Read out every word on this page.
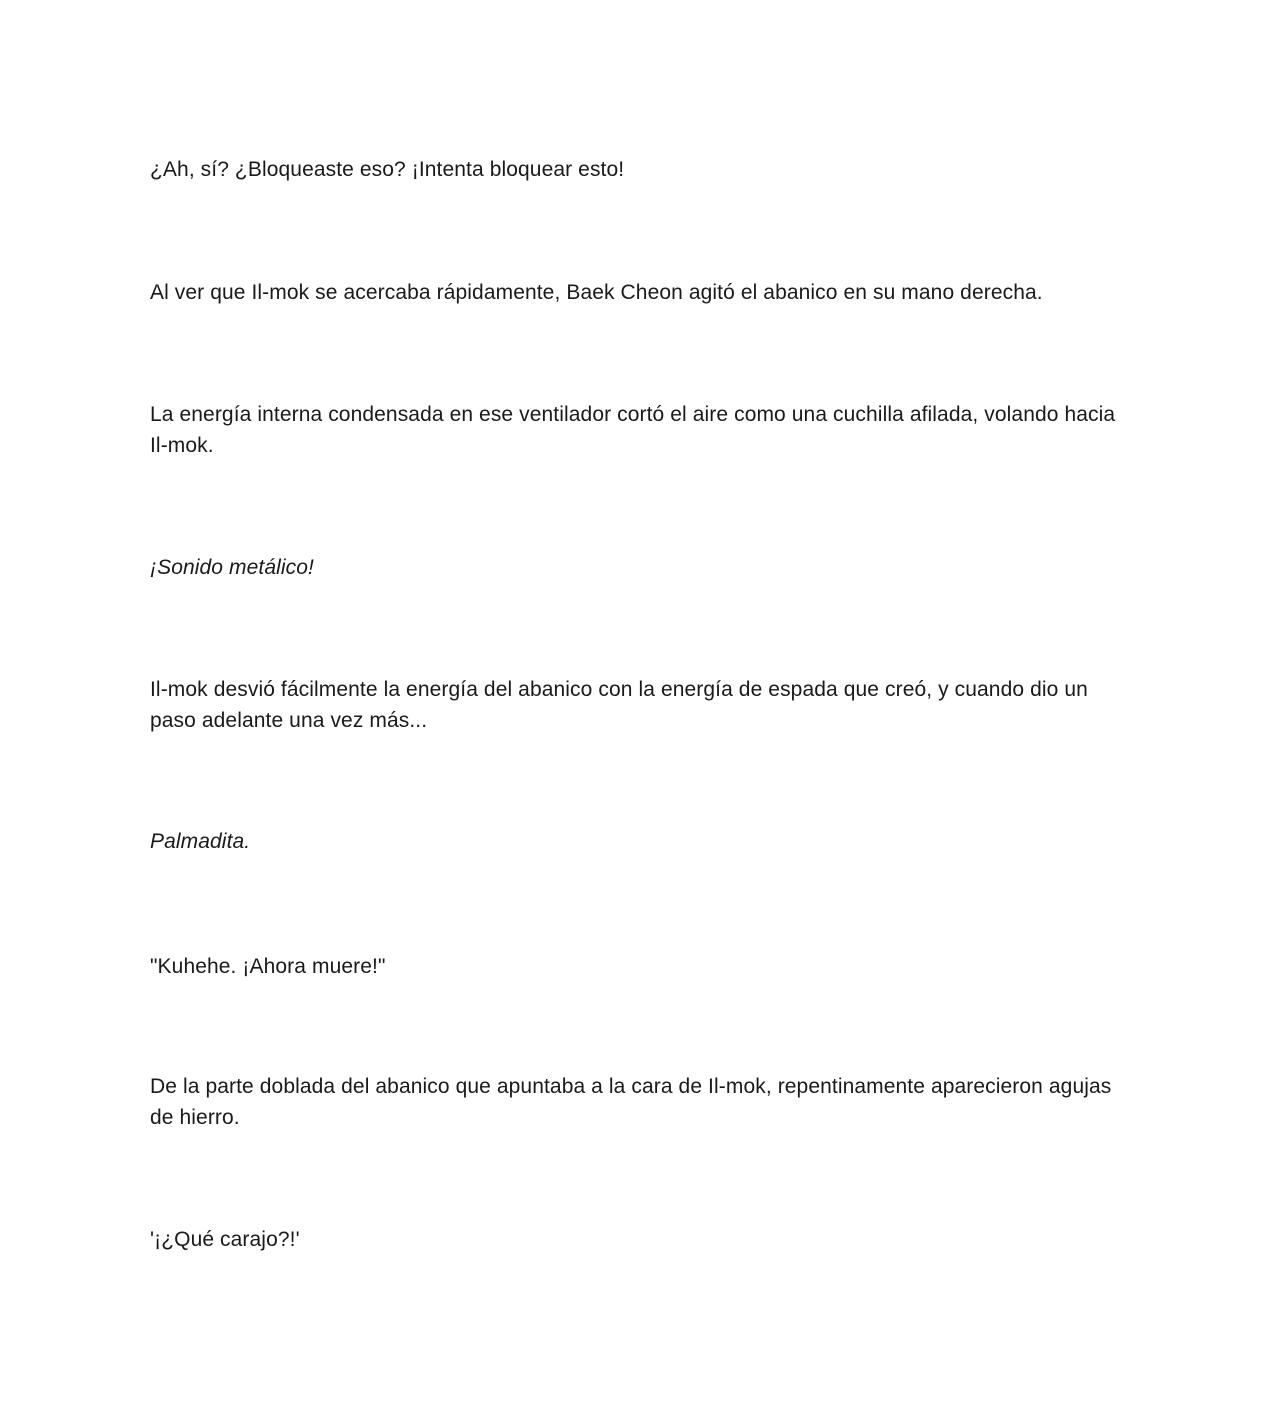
¿Ah, sí? ¿Bloqueaste eso? ¡Intenta bloquear esto!

Al ver que Il-mok se acercaba rápidamente, Baek Cheon agitó el abanico en su mano derecha.

La energía interna condensada en ese ventilador cortó el aire como una cuchilla afilada, volando hacia Il-mok.

¡Sonido metálico!

Il-mok desvió fácilmente la energía del abanico con la energía de espada que creó, y cuando dio un paso adelante una vez más...

Palmadita.

"Kuhehe. ¡Ahora muere!"

De la parte doblada del abanico que apuntaba a la cara de Il-mok, repentinamente aparecieron agujas de hierro.

'¡¿Qué carajo?!'
